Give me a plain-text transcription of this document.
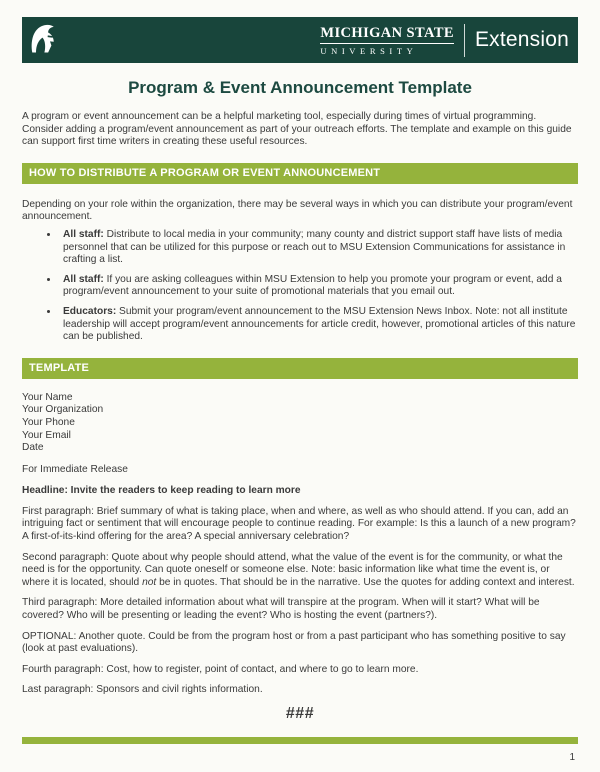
MICHIGAN STATE
UNIVERSITY	Extension
Program & Event Announcement Template

A program or event announcement can be a helpful marketing tool, especially during times of virtual programming. Consider adding a program/event announcement as part of your outreach efforts. The template and example on this guide can support first time writers in creating these useful resources.

HOW TO DISTRIBUTE A PROGRAM OR EVENT ANNOUNCEMENT

Depending on your role within the organization, there may be several ways in which you can distribute your program/event announcement.

• All staff: Distribute to local media in your community; many county and district support staff have lists of media personnel that can be utilized for this purpose or reach out to MSU Extension Communications for assistance in crafting a list.
• All staff: If you are asking colleagues within MSU Extension to help you promote your program or event, add a program/event announcement to your suite of promotional materials that you email out.
• Educators: Submit your program/event announcement to the MSU Extension News Inbox. Note: not all institute leadership will accept program/event announcements for article credit, however, promotional articles of this nature can be published.
TEMPLATE
Your Name
Your Organization
Your Phone
Your Email
Date

For Immediate Release

Headline: Invite the readers to keep reading to learn more

First paragraph: Brief summary of what is taking place, when and where, as well as who should attend. If you can, add an intriguing fact or sentiment that will encourage people to continue reading. For example: Is this a launch of a new program? A first-of-its-kind offering for the area? A special anniversary celebration?

Second paragraph: Quote about why people should attend, what the value of the event is for the community, or what the need is for the opportunity. Can quote oneself or someone else. Note: basic information like what time the event is, or where it is located, should not be in quotes. That should be in the narrative. Use the quotes for adding context and interest.

Third paragraph: More detailed information about what will transpire at the program. When will it start? What will be covered? Who will be presenting or leading the event? Who is hosting the event (partners?).

OPTIONAL: Another quote. Could be from the program host or from a past participant who has something positive to say (look at past evaluations).

Fourth paragraph: Cost, how to register, point of contact, and where to go to learn more.

Last paragraph: Sponsors and civil rights information.

###
1
